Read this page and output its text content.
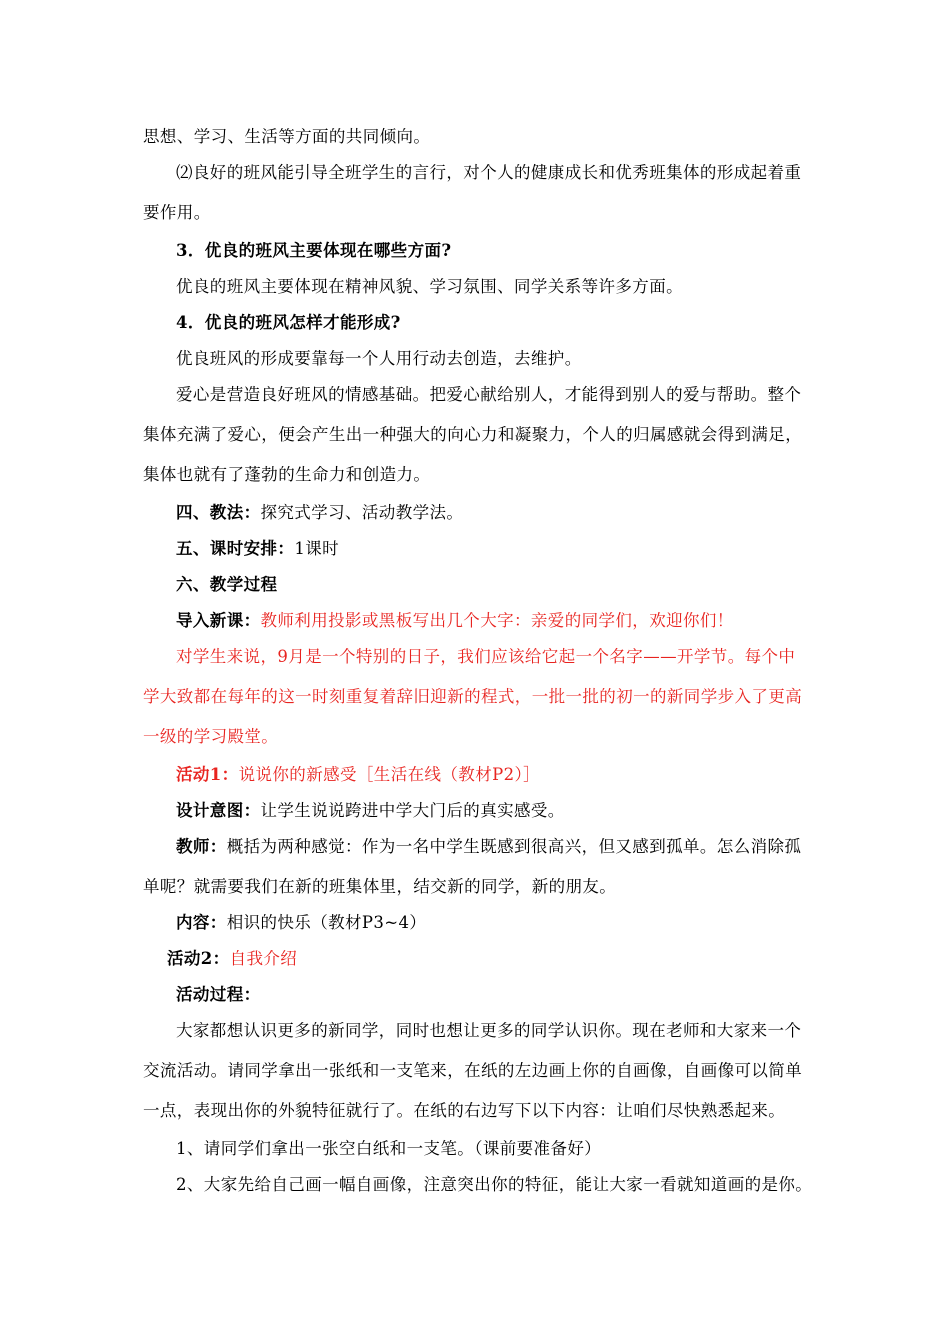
思想、学习、生活等方面的共同倾向。
⑵良好的班风能引导全班学生的言行，对个人的健康成长和优秀班集体的形成起着重
要作用。
3．优良的班风主要体现在哪些方面?
优良的班风主要体现在精神风貌、学习氛围、同学关系等许多方面。
4．优良的班风怎样才能形成?
优良班风的形成要靠每一个人用行动去创造，去维护。
爱心是营造良好班风的情感基础。把爱心献给别人，才能得到别人的爱与帮助。整个
集体充满了爱心，便会产生出一种强大的向心力和凝聚力，个人的归属感就会得到满足，
集体也就有了蓬勃的生命力和创造力。
四、教法：探究式学习、活动教学法。
五、课时安排：1课时
六、教学过程
导入新课：教师利用投影或黑板写出几个大字：亲爱的同学们，欢迎你们！
对学生来说，9月是一个特别的日子，我们应该给它起一个名字——开学节。每个中
学大致都在每年的这一时刻重复着辞旧迎新的程式，一批一批的初一的新同学步入了更高
一级的学习殿堂。
活动1：说说你的新感受［生活在线（教材P2）］
设计意图：让学生说说跨进中学大门后的真实感受。
教师：概括为两种感觉：作为一名中学生既感到很高兴，但又感到孤单。怎么消除孤
单呢？就需要我们在新的班集体里，结交新的同学，新的朋友。
内容：相识的快乐（教材P3~4）
活动2：自我介绍
活动过程：
大家都想认识更多的新同学，同时也想让更多的同学认识你。现在老师和大家来一个
交流活动。请同学拿出一张纸和一支笔来，在纸的左边画上你的自画像，自画像可以简单
一点，表现出你的外貌特征就行了。在纸的右边写下以下内容：让咱们尽快熟悉起来。
1、请同学们拿出一张空白纸和一支笔。（课前要准备好）
2、大家先给自己画一幅自画像，注意突出你的特征，能让大家一看就知道画的是你。
